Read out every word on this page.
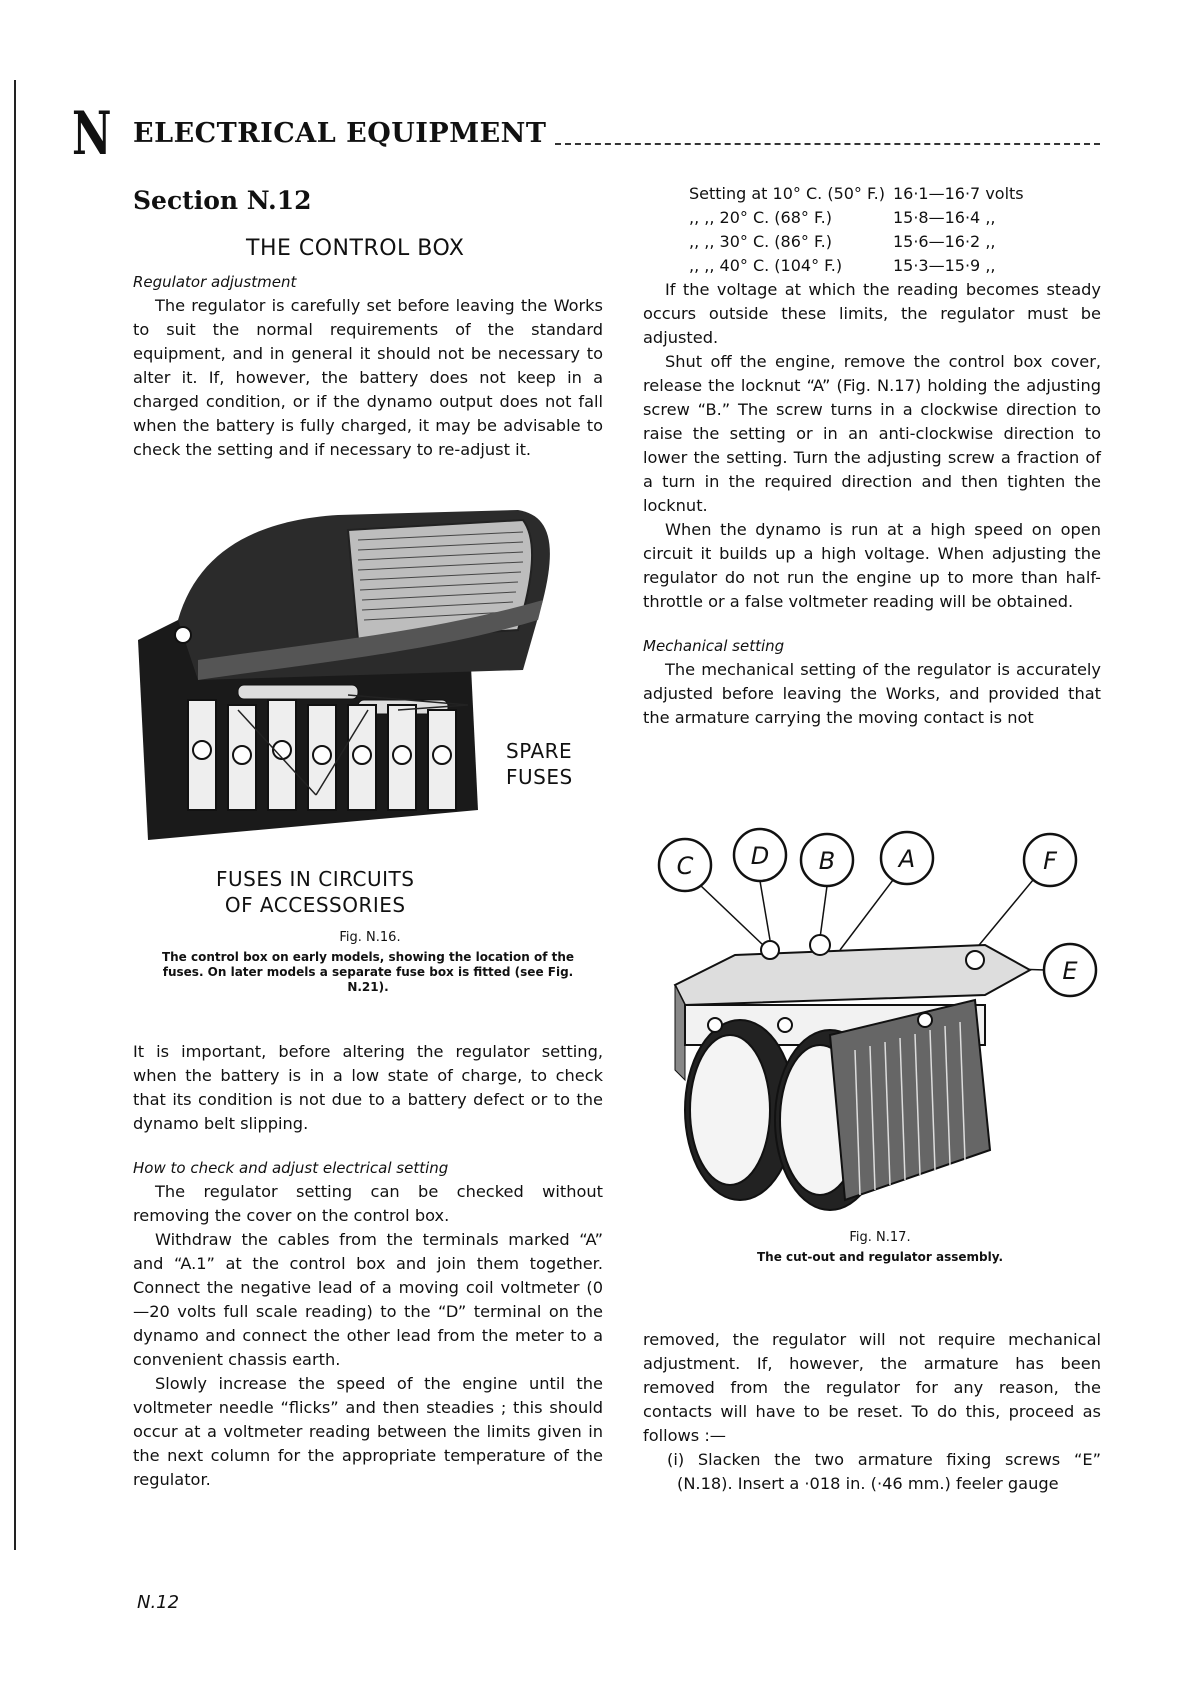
N ELECTRICAL EQUIPMENT
Section N.12
THE CONTROL BOX
Regulator adjustment

The regulator is carefully set before leaving the Works to suit the normal requirements of the standard equipment, and in general it should not be necessary to alter it. If, however, the battery does not keep in a charged condition, or if the dynamo output does not fall when the battery is fully charged, it may be advisable to check the setting and if necessary to re-adjust it.

SPARE
FUSES
FUSES IN CIRCUITS
OF ACCESSORIES
Fig. N.16.
The control box on early models, showing the location of the fuses. On later models a separate fuse box is fitted (see Fig. N.21).

It is important, before altering the regulator setting, when the battery is in a low state of charge, to check that its condition is not due to a battery defect or to the dynamo belt slipping.

How to check and adjust electrical setting

The regulator setting can be checked without removing the cover on the control box.

Withdraw the cables from the terminals marked “A” and “A.1” at the control box and join them together. Connect the negative lead of a moving coil voltmeter (0—20 volts full scale reading) to the “D” terminal on the dynamo and connect the other lead from the meter to a convenient chassis earth.

Slowly increase the speed of the engine until the voltmeter needle “flicks” and then steadies ; this should occur at a voltmeter reading between the limits given in the next column for the appropriate temperature of the regulator.

Setting at 10° C. (50° F.)	16·1—16·7 volts
,, ,, 20° C. (68° F.)	15·8—16·4 ,,
,, ,, 30° C. (86° F.)	15·6—16·2 ,,
,, ,, 40° C. (104° F.)	15·3—15·9 ,,

If the voltage at which the reading becomes steady occurs outside these limits, the regulator must be adjusted.

Shut off the engine, remove the control box cover, release the locknut “A” (Fig. N.17) holding the adjusting screw “B.” The screw turns in a clockwise direction to raise the setting or in an anti-clockwise direction to lower the setting. Turn the adjusting screw a fraction of a turn in the required direction and then tighten the locknut.

When the dynamo is run at a high speed on open circuit it builds up a high voltage. When adjusting the regulator do not run the engine up to more than half-throttle or a false voltmeter reading will be obtained.

Mechanical setting

The mechanical setting of the regulator is accurately adjusted before leaving the Works, and provided that the armature carrying the moving contact is not

C D B	A	F
E
Fig. N.17.
The cut-out and regulator assembly.

removed, the regulator will not require mechanical adjustment. If, however, the armature has been removed from the regulator for any reason, the contacts will have to be reset. To do this, proceed as follows :—

(i) Slacken the two armature fixing screws “E” (N.18). Insert a ·018 in. (·46 mm.) feeler gauge

N.12
